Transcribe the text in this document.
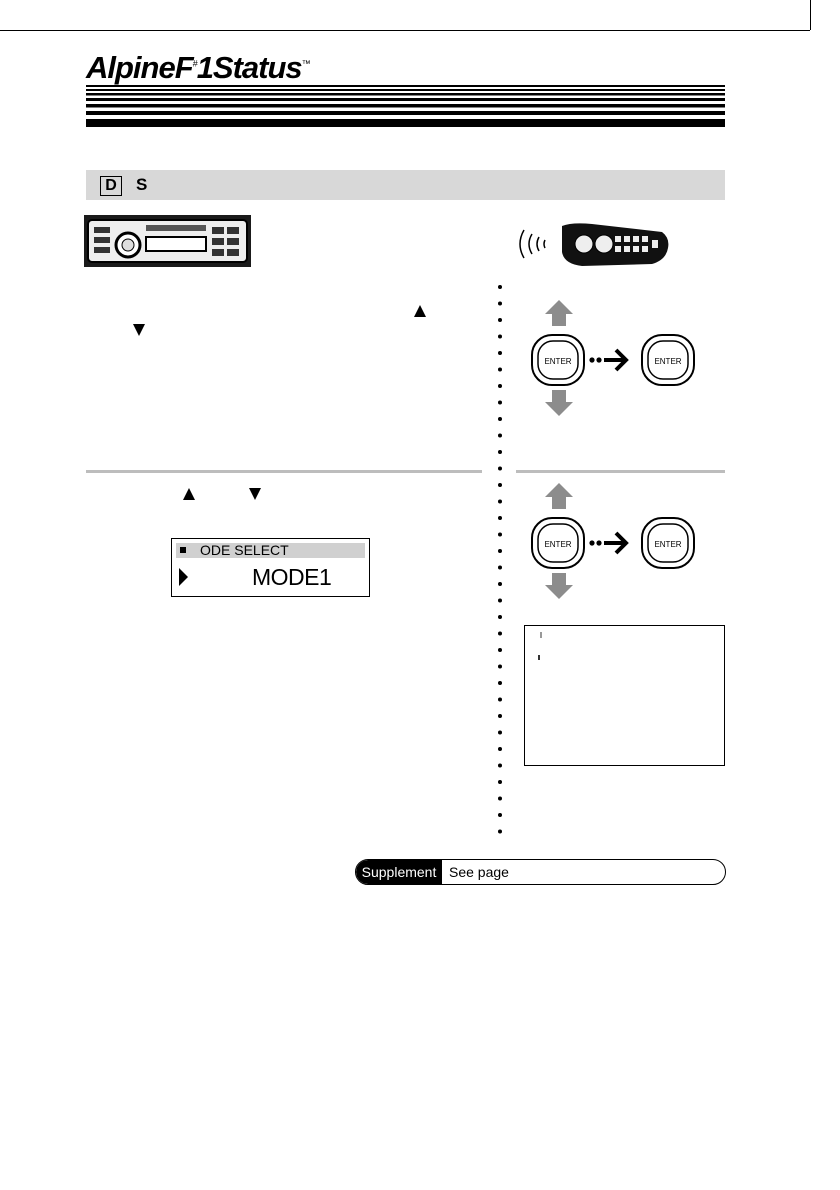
AlpineF#1Status™
D	S
ENTER	ENTER
ENTER	ENTER
ODE SELECT
MODE1
Supplement See page
